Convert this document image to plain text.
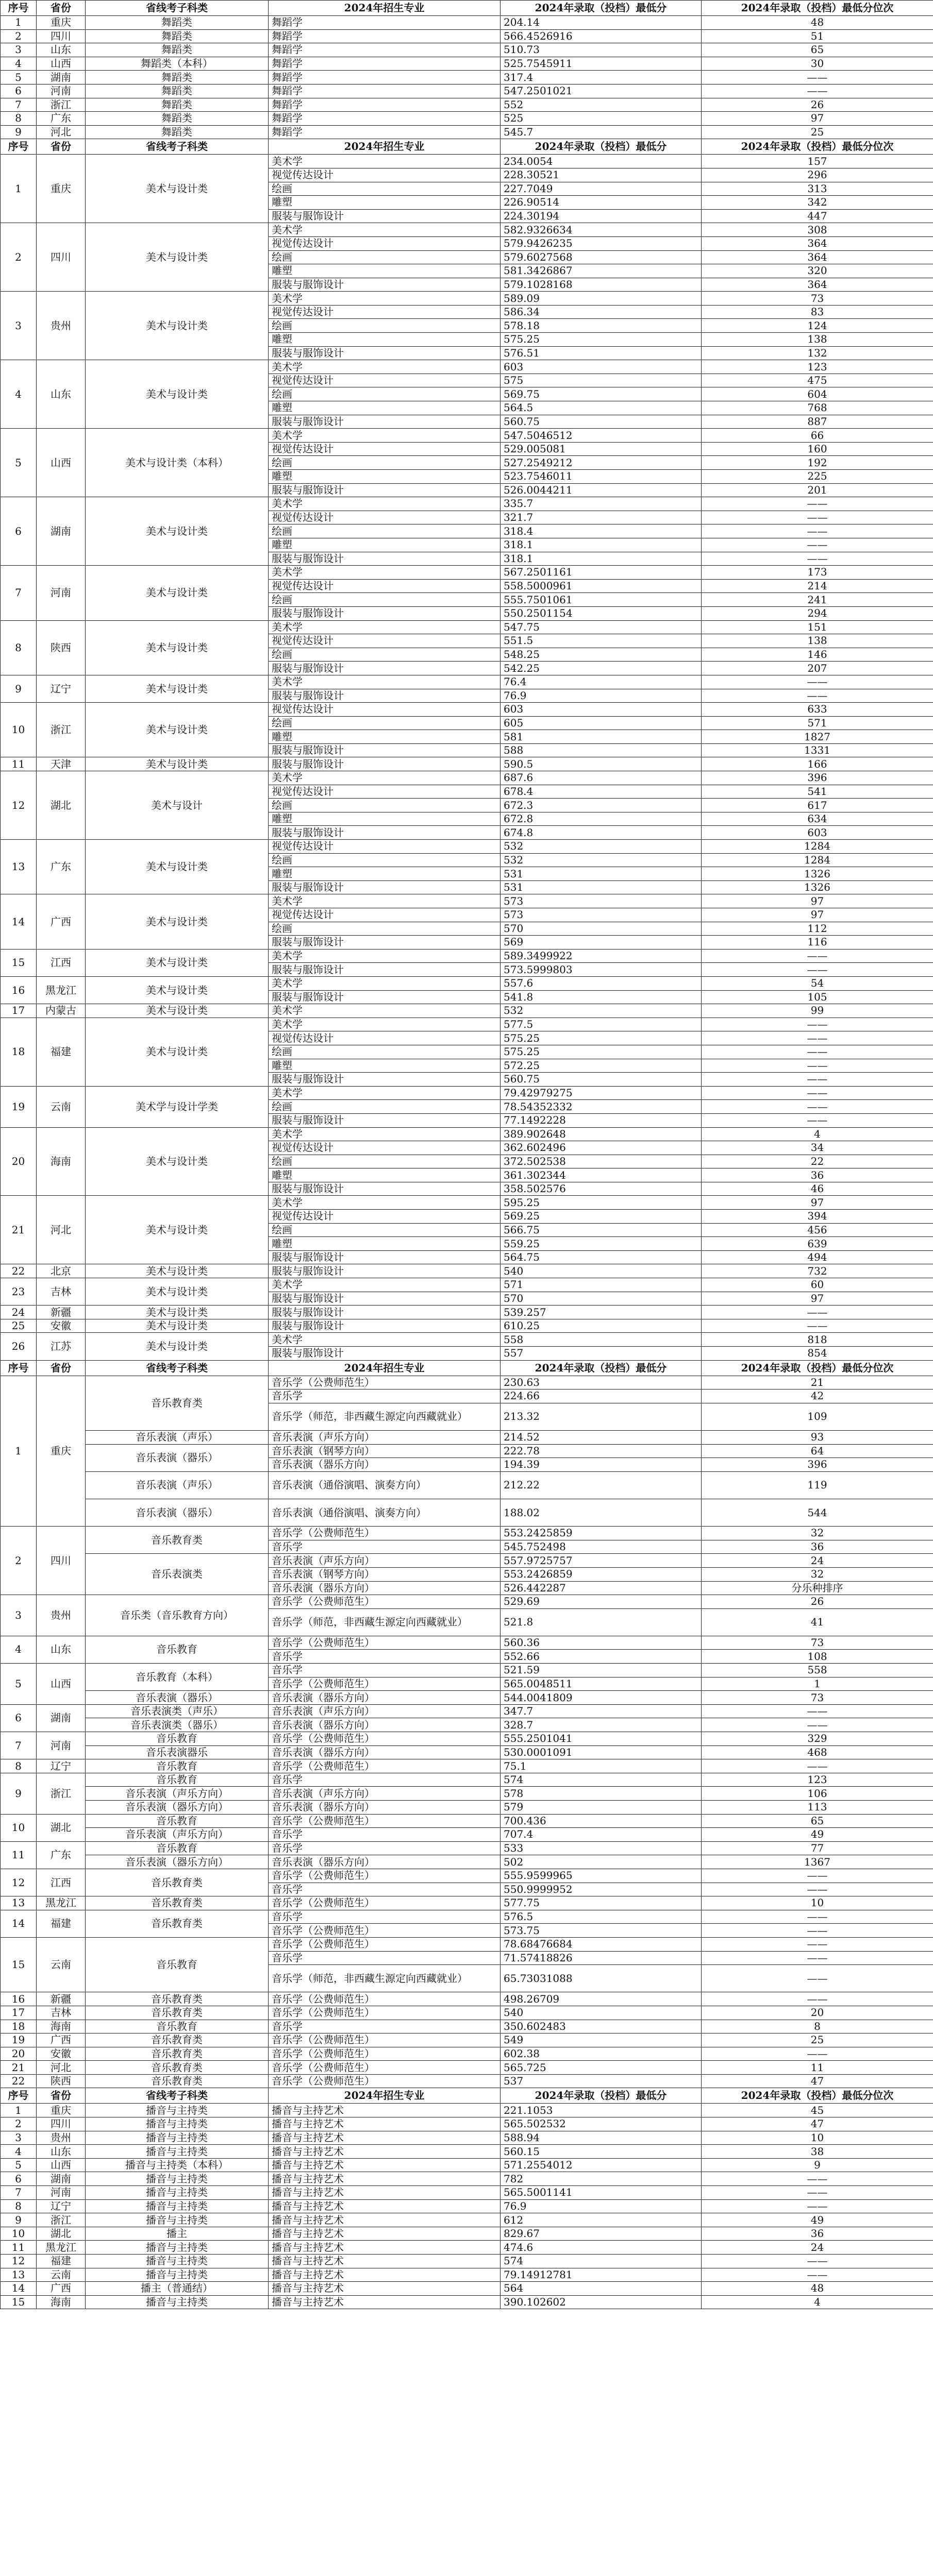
序号	省份	省线考子科类	2024年招生专业	2024年录取（投档）最低分	2024年录取（投档）最低分位次
1	重庆	舞蹈类	舞蹈学	204.14	48
2	四川	舞蹈类	舞蹈学	566.4526916	51
3	山东	舞蹈类	舞蹈学	510.73	65
4	山西	舞蹈类（本科）	舞蹈学	525.7545911	30
5	湖南	舞蹈类	舞蹈学	317.4	——
6	河南	舞蹈类	舞蹈学	547.2501021	——
7	浙江	舞蹈类	舞蹈学	552	26
8	广东	舞蹈类	舞蹈学	525	97
9	河北	舞蹈类	舞蹈学	545.7	25
序号	省份	省线考子科类	2024年招生专业	2024年录取（投档）最低分	2024年录取（投档）最低分位次
1	重庆	美术与设计类	美术学	234.0054	157
			视觉传达设计	228.30521	296
			绘画	227.7049	313
			雕塑	226.90514	342
			服装与服饰设计	224.30194	447
2	四川	美术与设计类	美术学	582.9326634	308
			视觉传达设计	579.9426235	364
			绘画	579.6027568	364
			雕塑	581.3426867	320
			服装与服饰设计	579.1028168	364
3	贵州	美术与设计类	美术学	589.09	73
			视觉传达设计	586.34	83
			绘画	578.18	124
			雕塑	575.25	138
			服装与服饰设计	576.51	132
4	山东	美术与设计类	美术学	603	123
			视觉传达设计	575	475
			绘画	569.75	604
			雕塑	564.5	768
			服装与服饰设计	560.75	887
5	山西	美术与设计类（本科）	美术学	547.5046512	66
			视觉传达设计	529.005081	160
			绘画	527.2549212	192
			雕塑	523.7546011	225
			服装与服饰设计	526.0044211	201
6	湖南	美术与设计类	美术学	335.7	——
			视觉传达设计	321.7	——
			绘画	318.4	——
			雕塑	318.1	——
			服装与服饰设计	318.1	——
7	河南	美术与设计类	美术学	567.2501161	173
			视觉传达设计	558.5000961	214
			绘画	555.7501061	241
			服装与服饰设计	550.2501154	294
8	陕西	美术与设计类	美术学	547.75	151
			视觉传达设计	551.5	138
			绘画	548.25	146
			服装与服饰设计	542.25	207
9	辽宁	美术与设计类	美术学	76.4	——
			服装与服饰设计	76.9	——
10	浙江	美术与设计类	视觉传达设计	603	633
			绘画	605	571
			雕塑	581	1827
			服装与服饰设计	588	1331
11	天津	美术与设计类	服装与服饰设计	590.5	166
12	湖北	美术与设计	美术学	687.6	396
			视觉传达设计	678.4	541
			绘画	672.3	617
			雕塑	672.8	634
			服装与服饰设计	674.8	603
13	广东	美术与设计类	视觉传达设计	532	1284
			绘画	532	1284
			雕塑	531	1326
			服装与服饰设计	531	1326
14	广西	美术与设计类	美术学	573	97
			视觉传达设计	573	97
			绘画	570	112
			服装与服饰设计	569	116
15	江西	美术与设计类	美术学	589.3499922	——
			服装与服饰设计	573.5999803	——
16	黑龙江	美术与设计类	美术学	557.6	54
			服装与服饰设计	541.8	105
17	内蒙古	美术与设计类	美术学	532	99
18	福建	美术与设计类	美术学	577.5	——
			视觉传达设计	575.25	——
			绘画	575.25	——
			雕塑	572.25	——
			服装与服饰设计	560.75	——
19	云南	美术学与设计学类	美术学	79.42979275	——
			绘画	78.54352332	——
			服装与服饰设计	77.1492228	——
20	海南	美术与设计类	美术学	389.902648	4
			视觉传达设计	362.602496	34
			绘画	372.502538	22
			雕塑	361.302344	36
			服装与服饰设计	358.502576	46
21	河北	美术与设计类	美术学	595.25	97
			视觉传达设计	569.25	394
			绘画	566.75	456
			雕塑	559.25	639
			服装与服饰设计	564.75	494
22	北京	美术与设计类	服装与服饰设计	540	732
23	吉林	美术与设计类	美术学	571	60
			服装与服饰设计	570	97
24	新疆	美术与设计类	服装与服饰设计	539.257	——
25	安徽	美术与设计类	服装与服饰设计	610.25	——
26	江苏	美术与设计类	美术学	558	818
			服装与服饰设计	557	854
序号	省份	省线考子科类	2024年招生专业	2024年录取（投档）最低分	2024年录取（投档）最低分位次
1	重庆	音乐教育类	音乐学（公费师范生）	230.63	21
			音乐学	224.66	42
			音乐学（师范，非西藏生源定向西藏就业）	213.32	109
		音乐表演（声乐）	音乐表演（声乐方向）	214.52	93
		音乐表演（器乐）	音乐表演（钢琴方向）	222.78	64
			音乐表演（器乐方向）	194.39	396
		音乐表演（声乐）	音乐表演（通俗演唱、演奏方向）	212.22	119
		音乐表演（器乐）	音乐表演（通俗演唱、演奏方向）	188.02	544
2	四川	音乐教育类	音乐学（公费师范生）	553.2425859	32
			音乐学	545.752498	36
		音乐表演类	音乐表演（声乐方向）	557.9725757	24
			音乐表演（钢琴方向）	553.2426859	32
			音乐表演（器乐方向）	526.442287	分乐种排序
3	贵州	音乐类（音乐教育方向）	音乐学（公费师范生）	529.69	26
			音乐学（师范，非西藏生源定向西藏就业）	521.8	41
4	山东	音乐教育	音乐学（公费师范生）	560.36	73
			音乐学	552.66	108
5	山西	音乐教育（本科）	音乐学	521.59	558
			音乐学（公费师范生）	565.0048511	1
		音乐表演（器乐）	音乐表演（器乐方向）	544.0041809	73
6	湖南	音乐表演类（声乐）	音乐表演（声乐方向）	347.7	——
		音乐表演类（器乐）	音乐表演（器乐方向）	328.7	——
7	河南	音乐教育	音乐学（公费师范生）	555.2501041	329
		音乐表演器乐	音乐表演（器乐方向）	530.0001091	468
8	辽宁	音乐教育	音乐学（公费师范生）	75.1	——
9	浙江	音乐教育	音乐学	574	123
		音乐表演（声乐方向）	音乐表演（声乐方向）	578	106
		音乐表演（器乐方向）	音乐表演（器乐方向）	579	113
10	湖北	音乐教育	音乐学（公费师范生）	700.436	65
		音乐表演（声乐方向）	音乐学	707.4	49
11	广东	音乐教育	音乐学	533	77
		音乐表演（器乐方向）	音乐表演（器乐方向）	502	1367
12	江西	音乐教育类	音乐学（公费师范生）	555.9599965	——
			音乐学	550.9999952	——
13	黑龙江	音乐教育类	音乐学（公费师范生）	577.75	10
14	福建	音乐教育类	音乐学	576.5	——
			音乐学（公费师范生）	573.75	——
15	云南	音乐教育	音乐学（公费师范生）	78.68476684	——
			音乐学	71.57418826	——
			音乐学（师范，非西藏生源定向西藏就业）	65.73031088	——
16	新疆	音乐教育类	音乐学（公费师范生）	498.26709	——
17	吉林	音乐教育类	音乐学（公费师范生）	540	20
18	海南	音乐教育	音乐学	350.602483	8
19	广西	音乐教育类	音乐学（公费师范生）	549	25
20	安徽	音乐教育类	音乐学（公费师范生）	602.38	——
21	河北	音乐教育类	音乐学（公费师范生）	565.725	11
22	陕西	音乐教育类	音乐学（公费师范生）	537	47
序号	省份	省线考子科类	2024年招生专业	2024年录取（投档）最低分	2024年录取（投档）最低分位次
1	重庆	播音与主持类	播音与主持艺术	221.1053	45
2	四川	播音与主持类	播音与主持艺术	565.502532	47
3	贵州	播音与主持类	播音与主持艺术	588.94	10
4	山东	播音与主持类	播音与主持艺术	560.15	38
5	山西	播音与主持类（本科）	播音与主持艺术	571.2554012	9
6	湖南	播音与主持类	播音与主持艺术	782	——
7	河南	播音与主持类	播音与主持艺术	565.5001141	——
8	辽宁	播音与主持类	播音与主持艺术	76.9	——
9	浙江	播音与主持类	播音与主持艺术	612	49
10	湖北	播主	播音与主持艺术	829.67	36
11	黑龙江	播音与主持类	播音与主持艺术	474.6	24
12	福建	播音与主持类	播音与主持艺术	574	——
13	云南	播音与主持类	播音与主持艺术	79.14912781	——
14	广西	播主（普通结）	播音与主持艺术	564	48
15	海南	播音与主持类	播音与主持艺术	390.102602	4
